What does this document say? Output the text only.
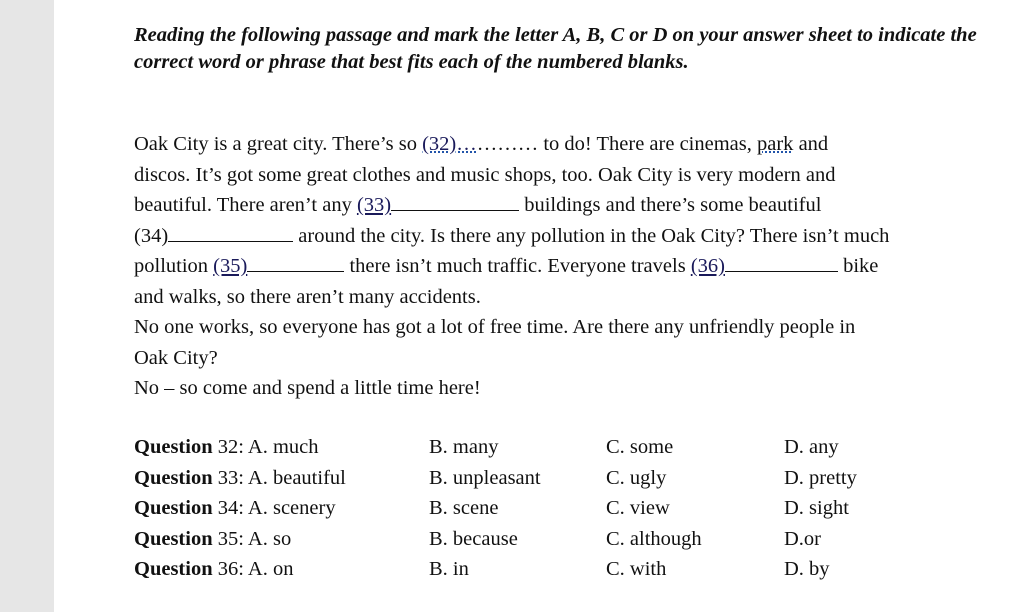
Reading the following passage and mark the letter A, B, C or D on your answer sheet to indicate the correct word or phrase that best fits each of the numbered blanks.

Oak City is a great city. There’s so (32)………… to do! There are cinemas, park and

discos. It’s got some great clothes and music shops, too. Oak City is very modern and

beautiful. There aren’t any (33)	buildings and there’s some beautiful

(34)	around the city. Is there any pollution in the Oak City? There isn’t much

pollution (35)	there isn’t much traffic. Everyone travels (36)	bike

and walks, so there aren’t many accidents.

No one works, so everyone has got a lot of free time. Are there any unfriendly people in

Oak City?

No – so come and spend a little time here!

Question 32: A. much	B. many	C. some	D. any
Question 33: A. beautiful	B. unpleasant	C. ugly	D. pretty
Question 34: A. scenery	B. scene	C. view	D. sight
Question 35: A. so	B. because	C. although	D.or
Question 36: A. on	B. in	C. with	D. by
